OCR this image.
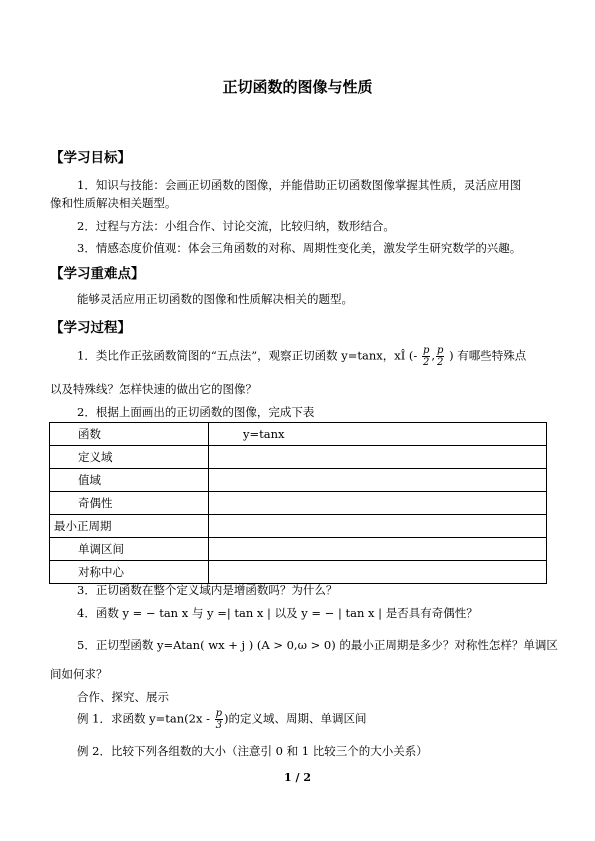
正切函数的图像与性质
【学习目标】
1．知识与技能：会画正切函数的图像，并能借助正切函数图像掌握其性质，灵活应用图
像和性质解决相关题型。
2．过程与方法：小组合作、讨论交流，比较归纳，数形结合。
3．情感态度价值观：体会三角函数的对称、周期性变化美，激发学生研究数学的兴趣。
【学习重难点】
能够灵活应用正切函数的图像和性质解决相关的题型。
【学习过程】
1．类比作正弦函数简图的“五点法”，观察正切函数 y=tanx，xÎ (- $\frac{p}{2}$ , $\frac{p}{2}$ ) 有哪些特殊点
以及特殊线？怎样快速的做出它的图像？
2．根据上面画出的正切函数的图像，完成下表
函数	y=tanx
定义域	
值域	
奇偶性	
最小正周期	
单调区间	
对称中心	
3．正切函数在整个定义域内是增函数吗？为什么？
4．函数 y = − tan x 与 y =| tan x | 以及 y = − | tan x | 是否具有奇偶性？
5．正切型函数 y=Atan( wx + j ) (A > 0,ω > 0) 的最小正周期是多少？对称性怎样？单调区
间如何求？
合作、探究、展示
例 1．求函数 $y=\tan(2x - \frac{p}{3}$ )的定义域、周期、单调区间
例 2．比较下列各组数的大小（注意引 0 和 1 比较三个的大小关系）
1 / 2
